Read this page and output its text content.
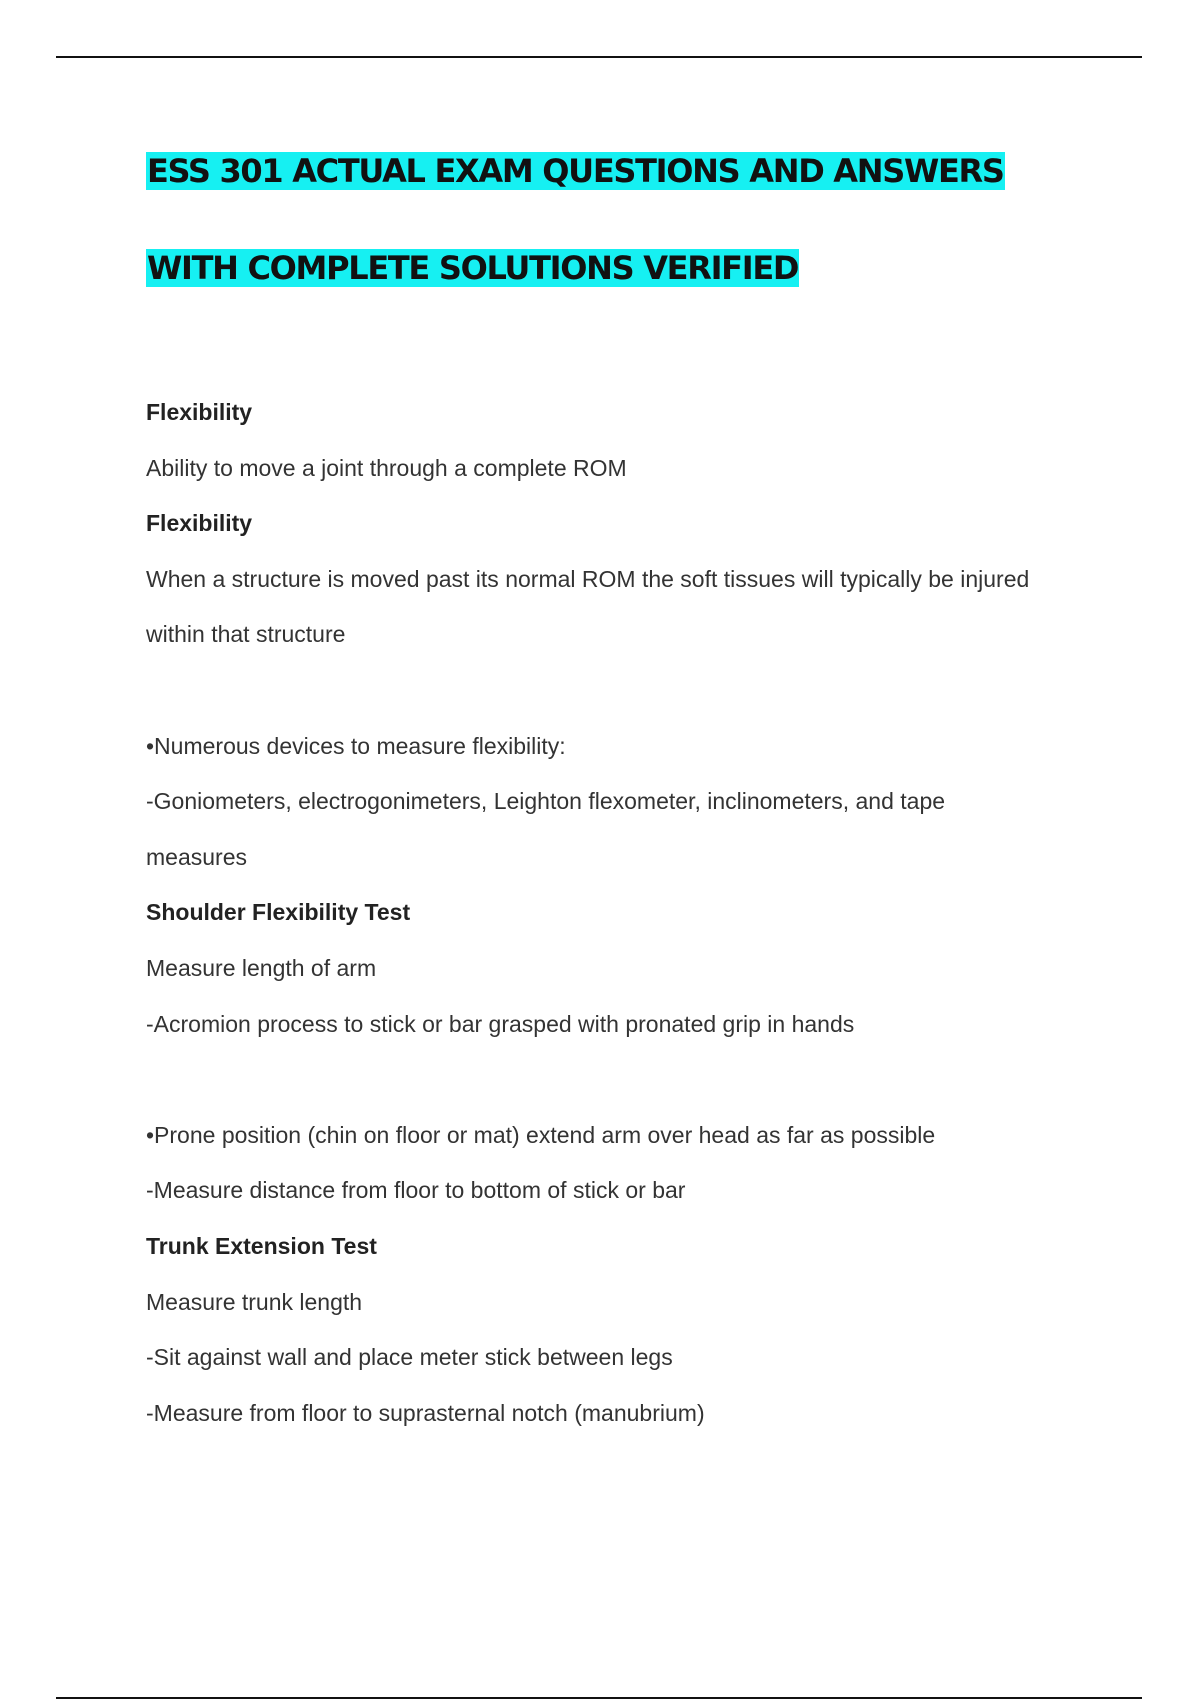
ESS 301 ACTUAL EXAM QUESTIONS AND ANSWERS
WITH COMPLETE SOLUTIONS VERIFIED
Flexibility
Ability to move a joint through a complete ROM
Flexibility
When a structure is moved past its normal ROM the soft tissues will typically be injured
within that structure
•Numerous devices to measure flexibility:
-Goniometers, electrogonimeters, Leighton flexometer, inclinometers, and tape
measures
Shoulder Flexibility Test
Measure length of arm
-Acromion process to stick or bar grasped with pronated grip in hands
•Prone position (chin on floor or mat) extend arm over head as far as possible
-Measure distance from floor to bottom of stick or bar
Trunk Extension Test
Measure trunk length
-Sit against wall and place meter stick between legs
-Measure from floor to suprasternal notch (manubrium)
